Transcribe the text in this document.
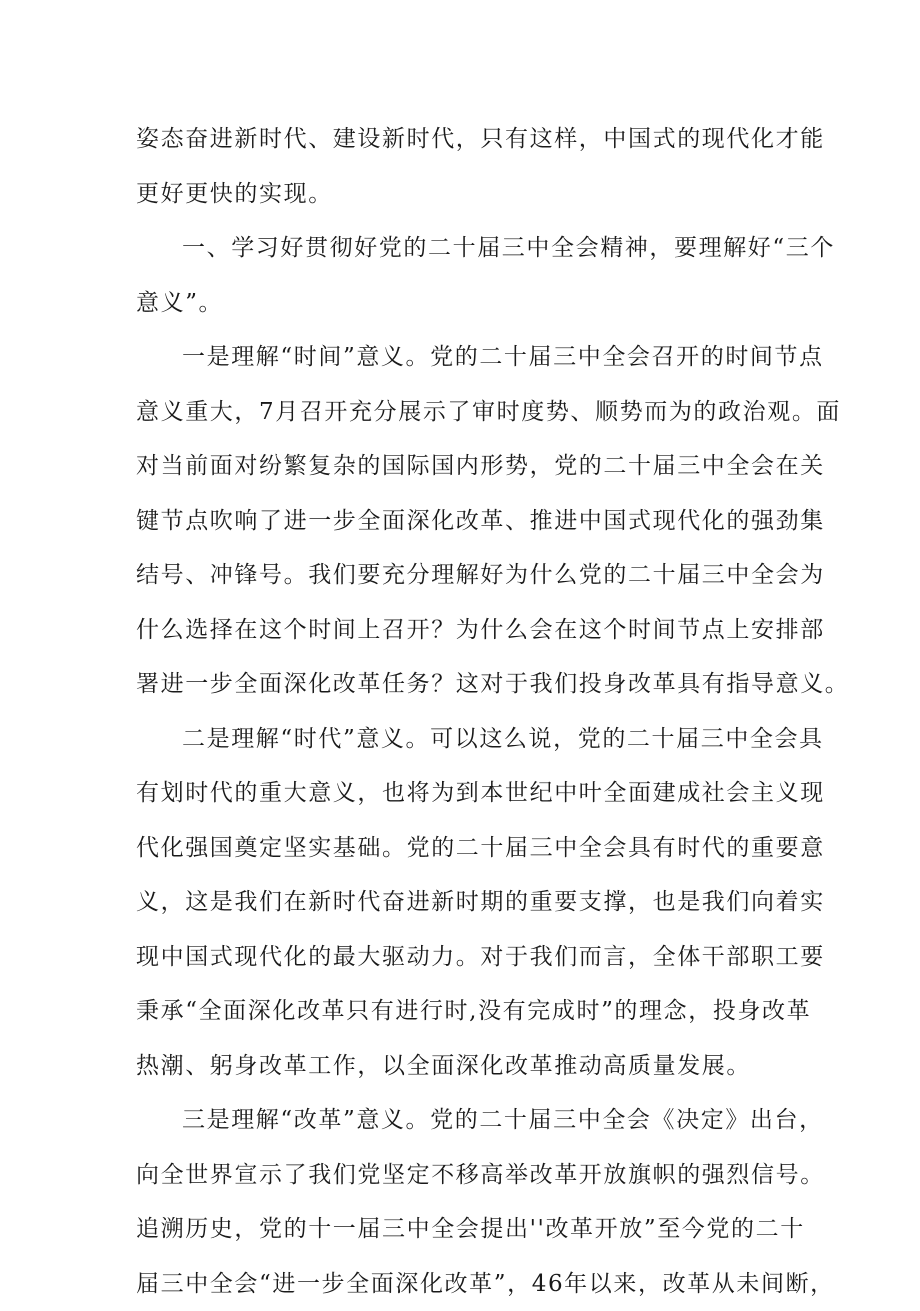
姿态奋进新时代、建设新时代，只有这样，中国式的现代化才能
更好更快的实现。
一、学习好贯彻好党的二十届三中全会精神，要理解好“三个
意义”。
一是理解“时间”意义。党的二十届三中全会召开的时间节点
意义重大，7月召开充分展示了审时度势、顺势而为的政治观。面
对当前面对纷繁复杂的国际国内形势，党的二十届三中全会在关
键节点吹响了进一步全面深化改革、推进中国式现代化的强劲集
结号、冲锋号。我们要充分理解好为什么党的二十届三中全会为
什么选择在这个时间上召开？为什么会在这个时间节点上安排部
署进一步全面深化改革任务？这对于我们投身改革具有指导意义。
二是理解“时代”意义。可以这么说，党的二十届三中全会具
有划时代的重大意义，也将为到本世纪中叶全面建成社会主义现
代化强国奠定坚实基础。党的二十届三中全会具有时代的重要意
义，这是我们在新时代奋进新时期的重要支撑，也是我们向着实
现中国式现代化的最大驱动力。对于我们而言，全体干部职工要
秉承“全面深化改革只有进行时,没有完成时”的理念，投身改革
热潮、躬身改革工作，以全面深化改革推动高质量发展。
三是理解“改革”意义。党的二十届三中全会《决定》出台，
向全世界宣示了我们党坚定不移高举改革开放旗帜的强烈信号。
追溯历史，党的十一届三中全会提出''改革开放”至今党的二十
届三中全会“进一步全面深化改革”，46年以来，改革从未间断，
